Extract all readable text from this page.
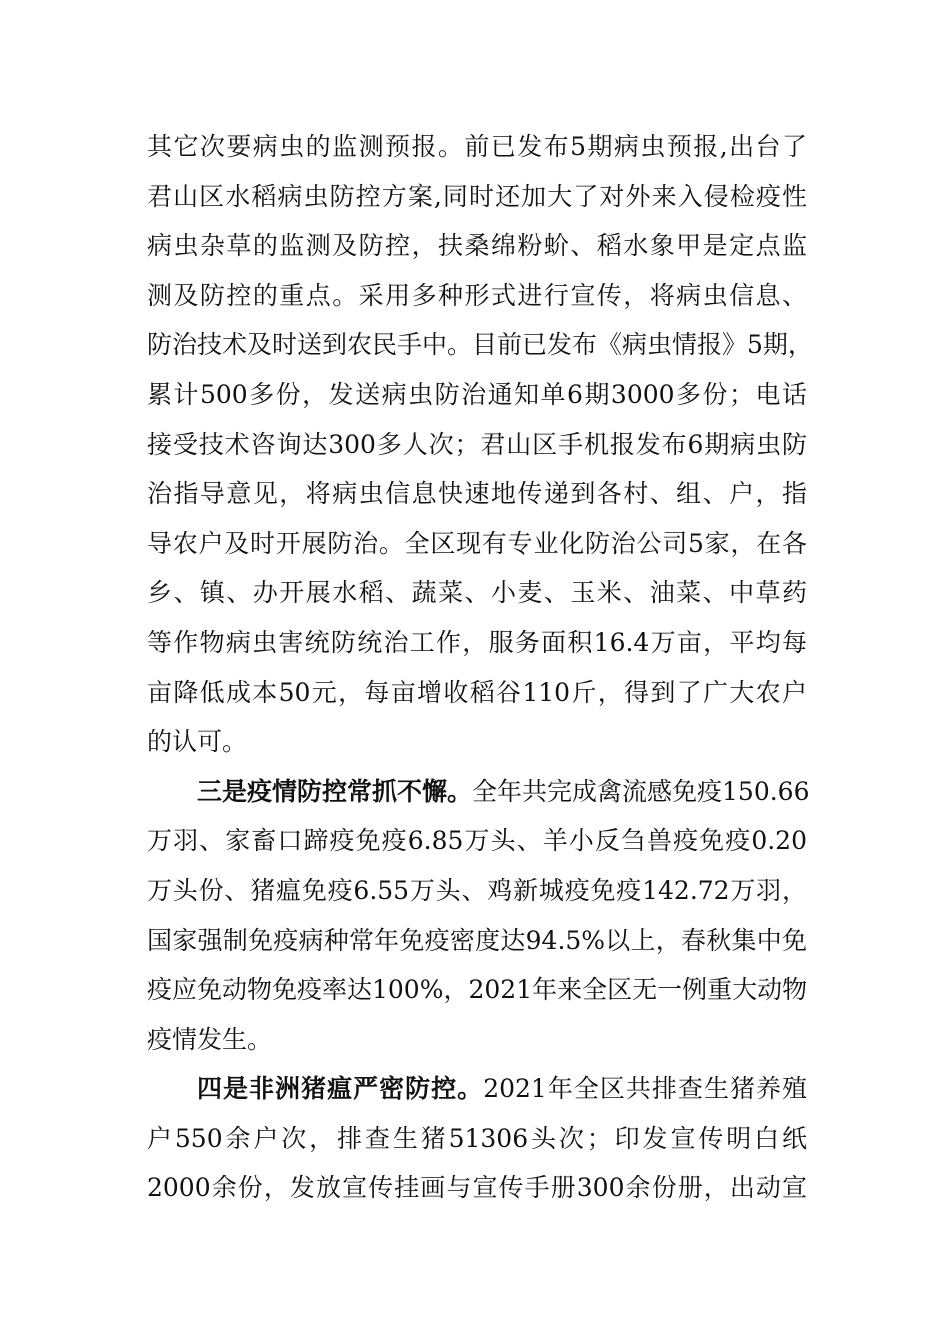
其它次要病虫的监测预报。前已发布5期病虫预报,出台了
君山区水稻病虫防控方案,同时还加大了对外来入侵检疫性
病虫杂草的监测及防控，扶桑绵粉蚧、稻水象甲是定点监
测及防控的重点。采用多种形式进行宣传，将病虫信息、
防治技术及时送到农民手中。目前已发布《病虫情报》5期，
累计500多份，发送病虫防治通知单6期3000多份；电话
接受技术咨询达300多人次；君山区手机报发布6期病虫防
治指导意见，将病虫信息快速地传递到各村、组、户，指
导农户及时开展防治。全区现有专业化防治公司5家，在各
乡、镇、办开展水稻、蔬菜、小麦、玉米、油菜、中草药
等作物病虫害统防统治工作，服务面积16.4万亩，平均每
亩降低成本50元，每亩增收稻谷110斤，得到了广大农户
的认可。
三是疫情防控常抓不懈。全年共完成禽流感免疫150.66
万羽、家畜口蹄疫免疫6.85万头、羊小反刍兽疫免疫0.20
万头份、猪瘟免疫6.55万头、鸡新城疫免疫142.72万羽，
国家强制免疫病种常年免疫密度达94.5%以上，春秋集中免
疫应免动物免疫率达100%，2021年来全区无一例重大动物
疫情发生。
四是非洲猪瘟严密防控。2021年全区共排查生猪养殖
户550余户次，排查生猪51306头次；印发宣传明白纸
2000余份，发放宣传挂画与宣传手册300余份册，出动宣
